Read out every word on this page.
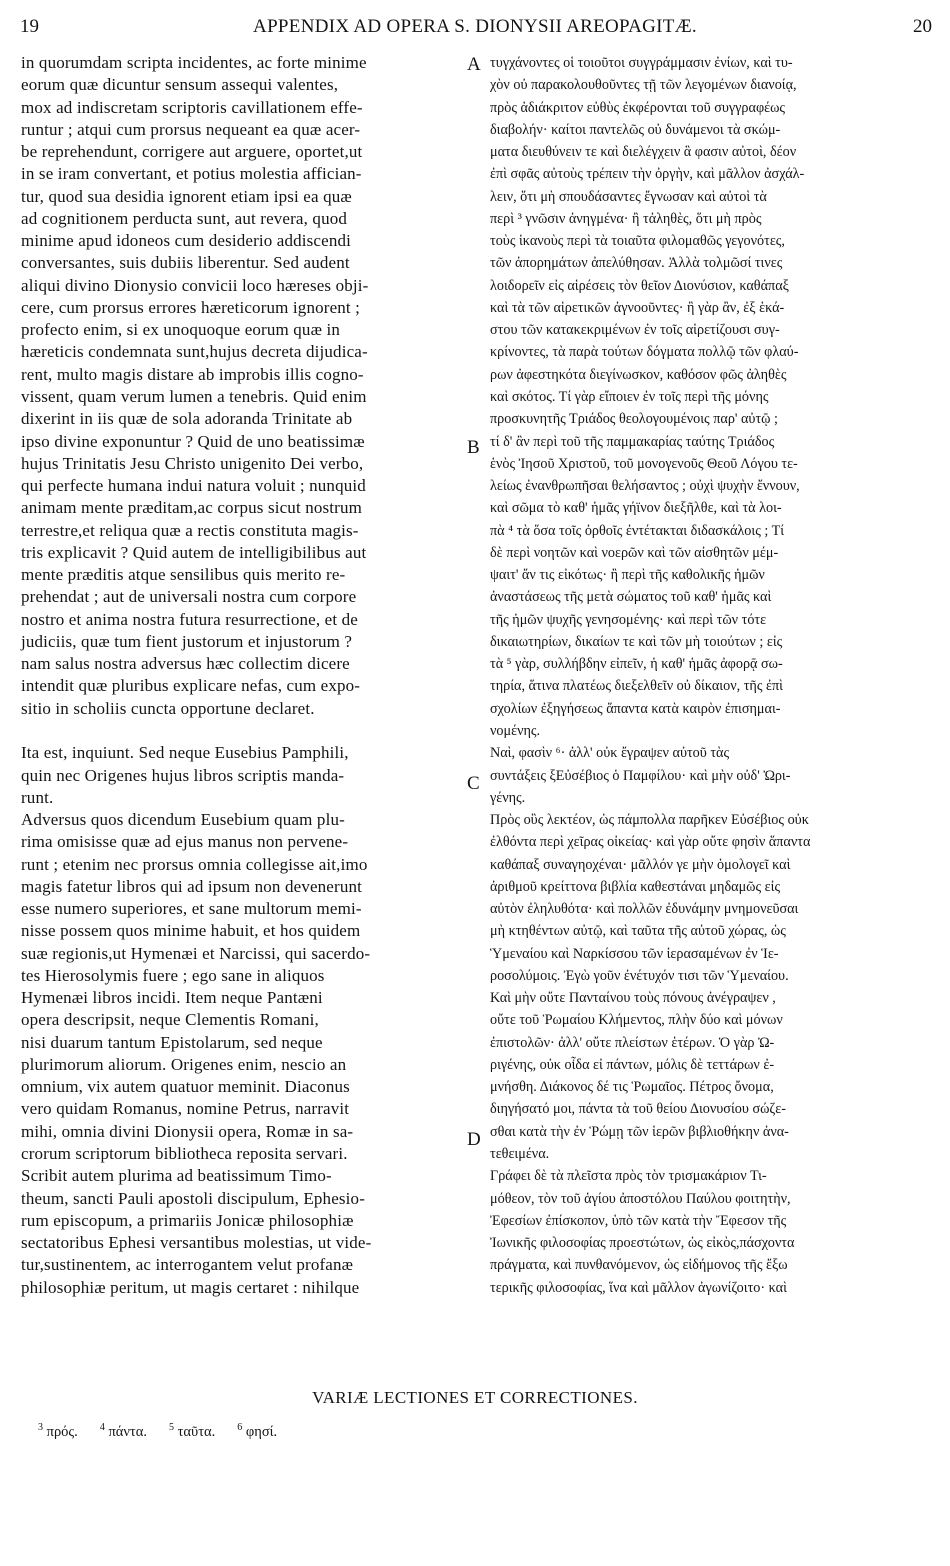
19	APPENDIX AD OPERA S. DIONYSII AREOPAGITÆ.	20
in quorumdam scripta incidentes, ac forte minime
eorum quæ dicuntur sensum assequi valentes,
mox ad indiscretam scriptoris cavillationem effe-
runtur ; atqui cum prorsus nequeant ea quæ acer-
be reprehendunt, corrigere aut arguere, oportet,ut
in se iram convertant, et potius molestia affician-
tur, quod sua desidia ignorent etiam ipsi ea quæ
ad cognitionem perducta sunt, aut revera, quod
minime apud idoneos cum desiderio addiscendi
conversantes, suis dubiis liberentur. Sed audent
aliqui divino Dionysio convicii loco hæreses obji-
cere, cum prorsus errores hæreticorum ignorent ;
profecto enim, si ex unoquoque eorum quæ in
hæreticis condemnata sunt,hujus decreta dijudica-
rent, multo magis distare ab improbis illis cogno-
vissent, quam verum lumen a tenebris. Quid enim
dixerint in iis quæ de sola adoranda Trinitate ab
ipso divine exponuntur ? Quid de uno beatissimæ
hujus Trinitatis Jesu Christo unigenito Dei verbo,
qui perfecte humana indui natura voluit ; nunquid
animam mente præditam,ac corpus sicut nostrum
terrestre,et reliqua quæ a rectis constituta magis-
tris explicavit ? Quid autem de intelligibilibus aut
mente præditis atque sensilibus quis merito re-
prehendat ; aut de universali nostra cum corpore
nostro et anima nostra futura resurrectione, et de
judiciis, quæ tum fient justorum et injustorum ?
nam salus nostra adversus hæc collectim dicere
intendit quæ pluribus explicare nefas, cum expo-
sitio in scholiis cuncta opportune declaret.
Ita est, inquiunt. Sed neque Eusebius Pamphili,
quin nec Origenes hujus libros scriptis manda-
runt.
Adversus quos dicendum Eusebium quam plu-
rima omisisse quæ ad ejus manus non pervene-
runt ; etenim nec prorsus omnia collegisse ait,imo
magis fatetur libros qui ad ipsum non devenerunt
esse numero superiores, et sane multorum memi-
nisse possem quos minime habuit, et hos quidem
suæ regionis,ut Hymenæi et Narcissi, qui sacerdo-
tes Hierosolymis fuere ; ego sane in aliquos
Hymenæi libros incidi. Item neque Pantæni
opera descripsit, neque Clementis Romani,
nisi duarum tantum Epistolarum, sed neque
plurimorum aliorum. Origenes enim, nescio an
omnium, vix autem quatuor meminit. Diaconus
vero quidam Romanus, nomine Petrus, narravit
mihi, omnia divini Dionysii opera, Romæ in sa-
crorum scriptorum bibliotheca reposita servari.
Scribit autem plurima ad beatissimum Timo-
theum, sancti Pauli apostoli discipulum, Ephesio-
rum episcopum, a primariis Jonicæ philosophiæ
sectatoribus Ephesi versantibus molestias, ut vide-
tur,sustinentem, ac interrogantem velut profanæ
philosophiæ peritum, ut magis certaret : nihilque
A
B
C
D
τυγχάνοντες οἱ τοιοῦτοι συγγράμμασιν ἐνίων, καὶ τυ-
χὸν οὐ παρακολουθοῦντες τῇ τῶν λεγομένων διανοίᾳ,
πρὸς ἀδιάκριτον εὐθὺς ἐκφέρονται τοῦ συγγραφέως
διαβολήν· καίτοι παντελῶς οὐ δυνάμενοι τὰ σκώμ-
ματα διευθύνειν τε καὶ διελέγχειν ἃ φασιν αὐτοὶ, δέον
ἐπὶ σφᾶς αὐτοὺς τρέπειν τὴν ὀργὴν, καὶ μᾶλλον ἀσχάλ-
λειν, ὅτι μὴ σπουδάσαντες ἔγνωσαν καὶ αὐτοὶ τὰ
περὶ ³ γνῶσιν ἀνηγμένα· ἢ τἀληθὲς, ὅτι μὴ πρὸς
τοὺς ἱκανοὺς περὶ τὰ τοιαῦτα φιλομαθῶς γεγονότες,
τῶν ἀπορημάτων ἀπελύθησαν. Ἀλλὰ τολμῶσί τινες
λοιδορεῖν εἰς αἱρέσεις τὸν θεῖον Διονύσιον, καθάπαξ
καὶ τὰ τῶν αἱρετικῶν ἀγνοοῦντες· ἢ γὰρ ἂν, ἐξ ἑκά-
στου τῶν κατακεκριμένων ἐν τοῖς αἱρετίζουσι συγ-
κρίνοντες, τὰ παρὰ τούτων δόγματα πολλῷ τῶν φλαύ-
ρων ἀφεστηκότα διεγίνωσκον, καθόσον φῶς ἀληθὲς
καὶ σκότος. Τί γὰρ εἴποιεν ἐν τοῖς περὶ τῆς μόνης
προσκυνητῆς Τριάδος θεολογουμένοις παρ' αὐτῷ ;
τί δ' ἂν περὶ τοῦ τῆς παμμακαρίας ταύτης Τριάδος
ἑνὸς Ἰησοῦ Χριστοῦ, τοῦ μονογενοῦς Θεοῦ Λόγου τε-
λείως ἐνανθρωπῆσαι θελήσαντος ; οὐχὶ ψυχὴν ἔννουν,
καὶ σῶμα τὸ καθ' ἡμᾶς γήϊνον διεξῆλθε, καὶ τὰ λοι-
πὰ ⁴ τὰ ὅσα τοῖς ὀρθοῖς ἐντέτακται διδασκάλοις ; Τί
δὲ περὶ νοητῶν καὶ νοερῶν καὶ τῶν αἰσθητῶν μέμ-
ψαιτ' ἄν τις εἰκότως· ἢ περὶ τῆς καθολικῆς ἡμῶν
ἀναστάσεως τῆς μετὰ σώματος τοῦ καθ' ἡμᾶς καὶ
τῆς ἡμῶν ψυχῆς γενησομένης· καὶ περὶ τῶν τότε
δικαιωτηρίων, δικαίων τε καὶ τῶν μὴ τοιούτων ; εἰς
τὰ ⁵ γὰρ, συλλήβδην εἰπεῖν, ἡ καθ' ἡμᾶς ἀφορᾷ σω-
τηρία, ἅτινα πλατέως διεξελθεῖν οὐ δίκαιον, τῆς ἐπὶ
σχολίων ἐξηγήσεως ἅπαντα κατὰ καιρὸν ἐπισημαι-
νομένης.
Ναὶ, φασὶν ⁶· ἀλλ' οὐκ ἔγραψεν αὐτοῦ τὰς
συντάξεις ξΕὐσέβιος ὁ Παμφίλου· καὶ μὴν οὐδ' Ὠρι-
γένης.
Πρὸς οὓς λεκτέον, ὡς πάμπολλα παρῆκεν Εὐσέβιος οὐκ
ἐλθόντα περὶ χεῖρας οἰκείας· καὶ γὰρ οὔτε φησὶν ἅπαντα
καθάπαξ συναγηοχέναι· μᾶλλόν γε μὴν ὁμολογεῖ καὶ
ἀριθμοῦ κρείττονα βιβλία καθεστάναι μηδαμῶς εἰς
αὐτὸν ἐληλυθότα· καὶ πολλῶν ἐδυνάμην μνημονεῦσαι
μὴ κτηθέντων αὐτῷ, καὶ ταῦτα τῆς αὐτοῦ χώρας, ὡς
Ὑμεναίου καὶ Ναρκίσσου τῶν ἱερασαμένων ἐν Ἱε-
ροσολύμοις. Ἐγὼ γοῦν ἐνέτυχόν τισι τῶν Ὑμεναίου.
Καὶ μὴν οὔτε Πανταίνου τοὺς πόνους ἀνέγραψεν ,
οὔτε τοῦ Ῥωμαίου Κλήμεντος, πλὴν δύο καὶ μόνων
ἐπιστολῶν· ἀλλ' οὔτε πλείστων ἑτέρων. Ὁ γὰρ Ὠ-
ριγένης, οὐκ οἶδα εἰ πάντων, μόλις δὲ τεττάρων ἐ-
μνήσθη. Διάκονος δέ τις Ῥωμαῖος. Πέτρος ὄνομα,
διηγήσατό μοι, πάντα τὰ τοῦ θείου Διονυσίου σώζε-
σθαι κατὰ τὴν ἐν Ῥώμῃ τῶν ἱερῶν βιβλιοθήκην ἀνα-
τεθειμένα.
Γράφει δὲ τὰ πλεῖστα πρὸς τὸν τρισμακάριον Τι-
μόθεον, τὸν τοῦ ἁγίου ἀποστόλου Παύλου φοιτητὴν,
Ἐφεσίων ἐπίσκοπον, ὑπὸ τῶν κατὰ τὴν Ἔφεσον τῆς
Ἰωνικῆς φιλοσοφίας προεστώτων, ὡς εἰκὸς,πάσχοντα
πράγματα, καὶ πυνθανόμενον, ὡς εἰδήμονος τῆς ἔξω
τερικῆς φιλοσοφίας, ἵνα καὶ μᾶλλον ἀγωνίζοιτο· καὶ
VARIÆ LECTIONES ET CORRECTIONES.
$^3$ πρός. $^4$ πάντα. $^5$ ταῦτα. $^6$ φησί.
